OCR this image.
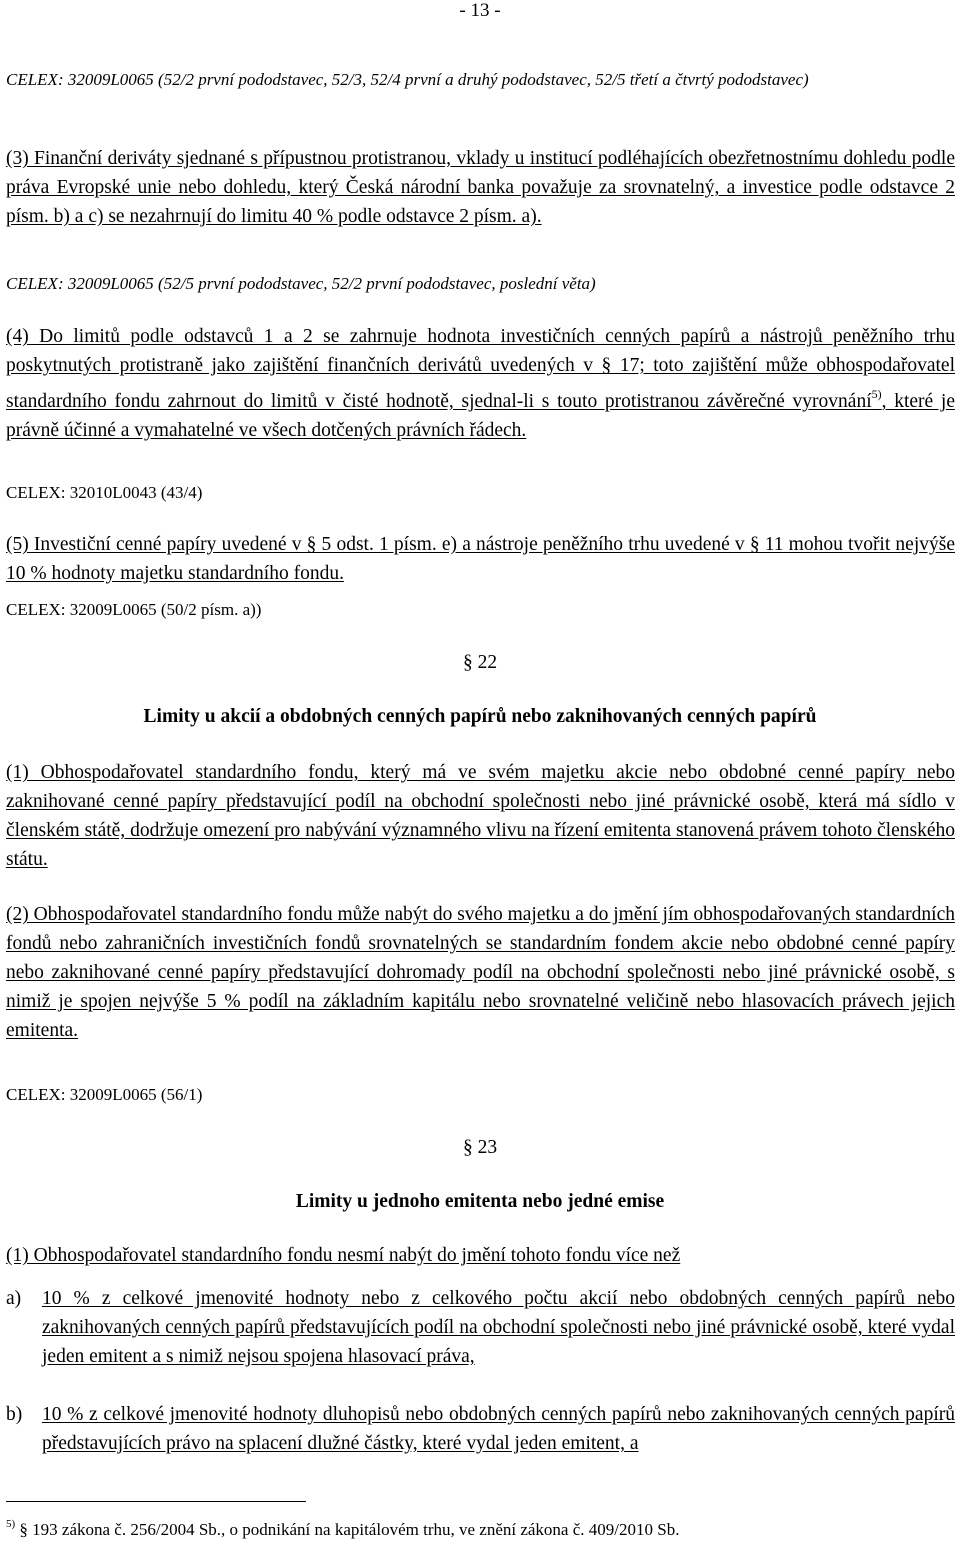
- 13 -
CELEX: 32009L0065 (52/2 první pododstavec, 52/3, 52/4 první a druhý pododstavec, 52/5 třetí a čtvrtý pododstavec)
(3) Finanční deriváty sjednané s přípustnou protistranou, vklady u institucí podléhajících obezřetnostnímu dohledu podle práva Evropské unie nebo dohledu, který Česká národní banka považuje za srovnatelný, a investice podle odstavce 2 písm. b) a c) se nezahrnují do limitu 40 % podle odstavce 2 písm. a).
CELEX: 32009L0065 (52/5 první pododstavec, 52/2 první pododstavec, poslední věta)
(4) Do limitů podle odstavců 1 a 2 se zahrnuje hodnota investičních cenných papírů a nástrojů peněžního trhu poskytnutých protistraně jako zajištění finančních derivátů uvedených v § 17; toto zajištění může obhospodařovatel standardního fondu zahrnout do limitů v čisté hodnotě, sjednal-li s touto protistranou závěrečné vyrovnání$^{5)}$, které je právně účinné a vymahatelné ve všech dotčených právních řádech.
CELEX: 32010L0043 (43/4)
(5) Investiční cenné papíry uvedené v § 5 odst. 1 písm. e) a nástroje peněžního trhu uvedené v § 11 mohou tvořit nejvýše 10 % hodnoty majetku standardního fondu.
CELEX: 32009L0065 (50/2 písm. a))
§ 22
Limity u akcií a obdobných cenných papírů nebo zaknihovaných cenných papírů
(1) Obhospodařovatel standardního fondu, který má ve svém majetku akcie nebo obdobné cenné papíry nebo zaknihované cenné papíry představující podíl na obchodní společnosti nebo jiné právnické osobě, která má sídlo v členském státě, dodržuje omezení pro nabývání významného vlivu na řízení emitenta stanovená právem tohoto členského státu.
(2) Obhospodařovatel standardního fondu může nabýt do svého majetku a do jmění jím obhospodařovaných standardních fondů nebo zahraničních investičních fondů srovnatelných se standardním fondem akcie nebo obdobné cenné papíry nebo zaknihované cenné papíry představující dohromady podíl na obchodní společnosti nebo jiné právnické osobě, s nimiž je spojen nejvýše 5 % podíl na základním kapitálu nebo srovnatelné veličině nebo hlasovacích právech jejich emitenta.
CELEX: 32009L0065 (56/1)
§ 23
Limity u jednoho emitenta nebo jedné emise
(1) Obhospodařovatel standardního fondu nesmí nabýt do jmění tohoto fondu více než
a) 10 % z celkové jmenovité hodnoty nebo z celkového počtu akcií nebo obdobných cenných papírů nebo zaknihovaných cenných papírů představujících podíl na obchodní společnosti nebo jiné právnické osobě, které vydal jeden emitent a s nimiž nejsou spojena hlasovací práva,
b) 10 % z celkové jmenovité hodnoty dluhopisů nebo obdobných cenných papírů nebo zaknihovaných cenných papírů představujících právo na splacení dlužné částky, které vydal jeden emitent, a
$^{5)}$ § 193 zákona č. 256/2004 Sb., o podnikání na kapitálovém trhu, ve znění zákona č. 409/2010 Sb.
